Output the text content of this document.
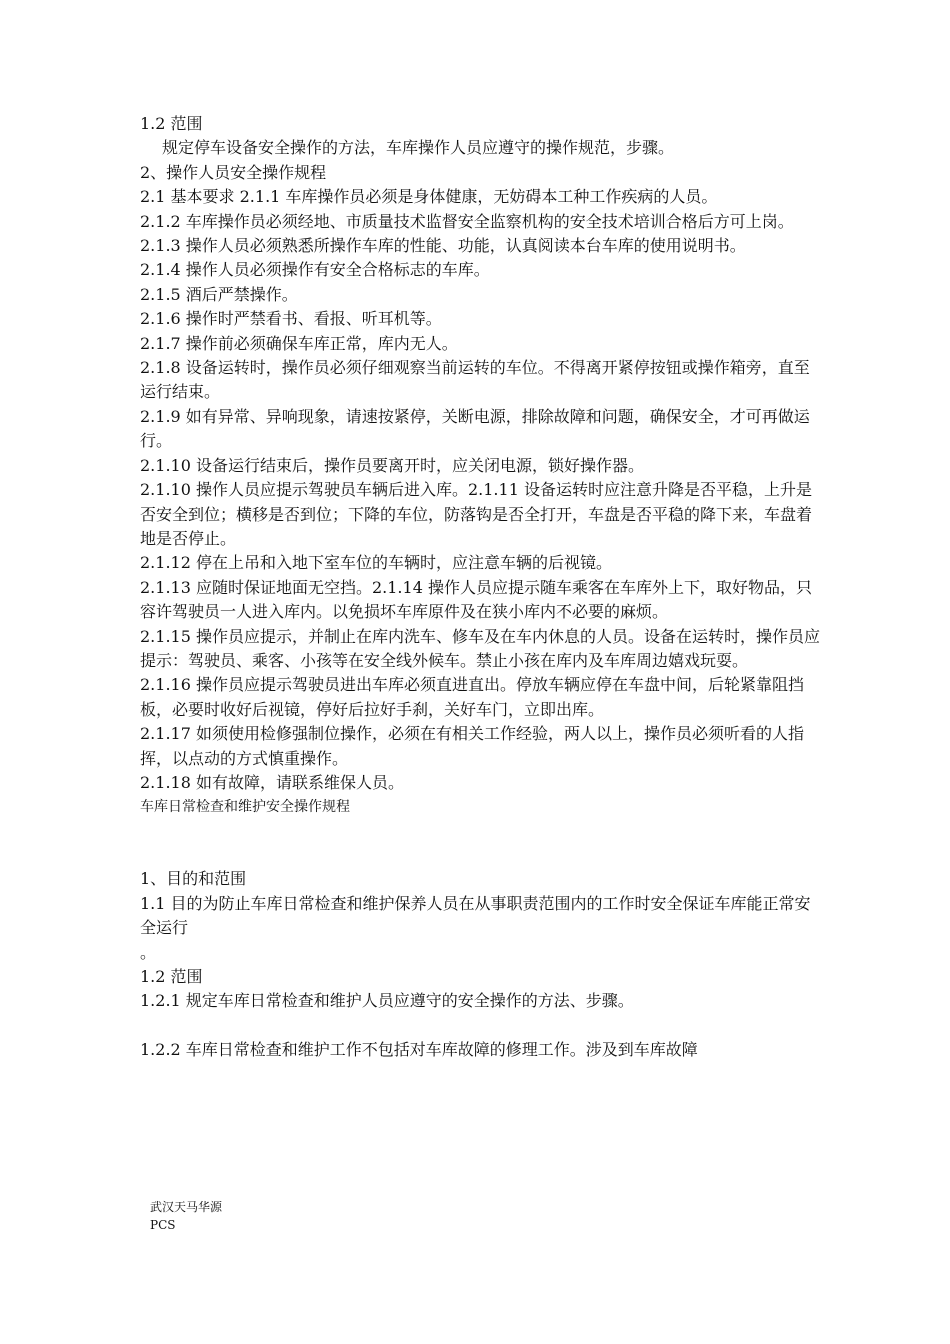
1.2 范围

规定停车设备安全操作的方法，车库操作人员应遵守的操作规范，步骤。

2、操作人员安全操作规程

2.1 基本要求 2.1.1 车库操作员必须是身体健康，无妨碍本工种工作疾病的人员。

2.1.2 车库操作员必须经地、市质量技术监督安全监察机构的安全技术培训合格后方可上岗。

2.1.3 操作人员必须熟悉所操作车库的性能、功能，认真阅读本台车库的使用说明书。

2.1.4 操作人员必须操作有安全合格标志的车库。

2.1.5 酒后严禁操作。

2.1.6 操作时严禁看书、看报、听耳机等。

2.1.7 操作前必须确保车库正常，库内无人。

2.1.8 设备运转时，操作员必须仔细观察当前运转的车位。不得离开紧停按钮或操作箱旁，直至运行结束。

2.1.9 如有异常、异响现象，请速按紧停，关断电源，排除故障和问题，确保安全，才可再做运行。

2.1.10 设备运行结束后，操作员要离开时，应关闭电源，锁好操作器。

2.1.10 操作人员应提示驾驶员车辆后进入库。2.1.11 设备运转时应注意升降是否平稳，上升是否安全到位；横移是否到位；下降的车位，防落钩是否全打开，车盘是否平稳的降下来，车盘着地是否停止。

2.1.12 停在上吊和入地下室车位的车辆时，应注意车辆的后视镜。

2.1.13 应随时保证地面无空挡。2.1.14 操作人员应提示随车乘客在车库外上下，取好物品，只容许驾驶员一人进入库内。以免损坏车库原件及在狭小库内不必要的麻烦。

2.1.15 操作员应提示，并制止在库内洗车、修车及在车内休息的人员。设备在运转时，操作员应提示：驾驶员、乘客、小孩等在安全线外候车。禁止小孩在库内及车库周边嬉戏玩耍。

2.1.16 操作员应提示驾驶员进出车库必须直进直出。停放车辆应停在车盘中间，后轮紧靠阻挡板，必要时收好后视镜，停好后拉好手刹，关好车门，立即出库。

2.1.17 如须使用检修强制位操作，必须在有相关工作经验，两人以上，操作员必须听看的人指挥，以点动的方式慎重操作。

2.1.18 如有故障，请联系维保人员。

车库日常检查和维护安全操作规程

1、目的和范围

1.1 目的为防止车库日常检查和维护保养人员在从事职责范围内的工作时安全保证车库能正常安全运行

。

1.2 范围

1.2.1 规定车库日常检查和维护人员应遵守的安全操作的方法、步骤。

1.2.2 车库日常检查和维护工作不包括对车库故障的修理工作。涉及到车库故障

武汉天马华源
PCS
